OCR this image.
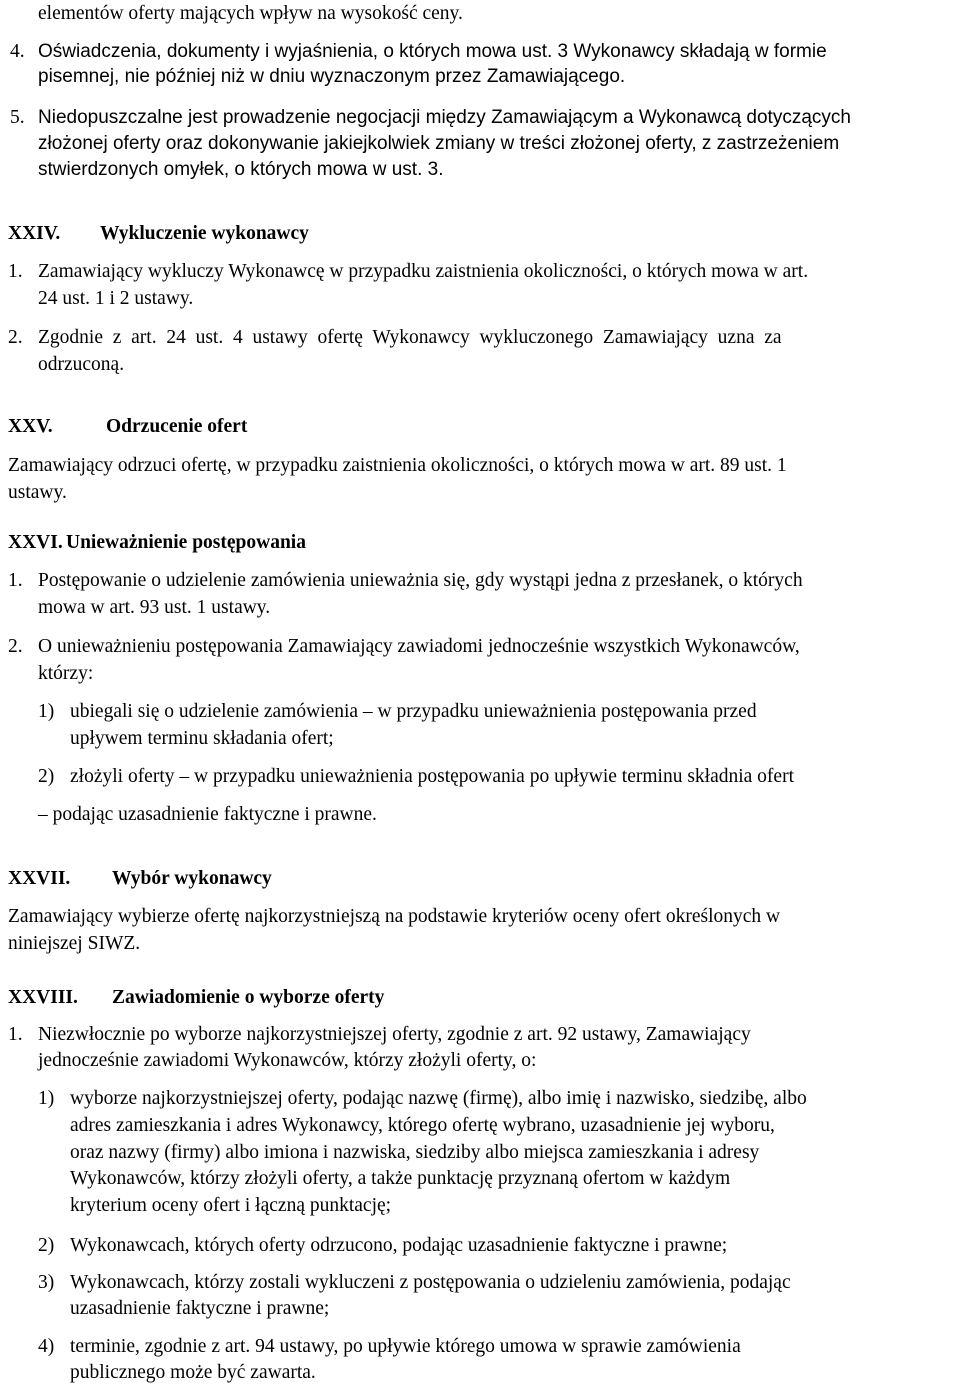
elementów oferty mających wpływ na wysokość ceny.
4. Oświadczenia, dokumenty i wyjaśnienia, o których mowa ust. 3 Wykonawcy składają w formie
pisemnej, nie później niż w dniu wyznaczonym przez Zamawiającego.
5. Niedopuszczalne jest prowadzenie negocjacji między Zamawiającym a Wykonawcą dotyczących
złożonej oferty oraz dokonywanie jakiejkolwiek zmiany w treści złożonej oferty, z zastrzeżeniem
stwierdzonych omyłek, o których mowa w ust. 3.
XXIV. Wykluczenie wykonawcy
1. Zamawiający wykluczy Wykonawcę w przypadku zaistnienia okoliczności, o których mowa w art.
24 ust. 1 i 2 ustawy.
2. Zgodnie  z  art.  24  ust.  4  ustawy  ofertę  Wykonawcy  wykluczonego  Zamawiający  uzna  za
odrzuconą.
XXV.	Odrzucenie ofert
Zamawiający odrzuci ofertę, w przypadku zaistnienia okoliczności, o których mowa w art. 89 ust. 1
ustawy.
XXVI. Unieważnienie postępowania
1. Postępowanie o udzielenie zamówienia unieważnia się, gdy wystąpi jedna z przesłanek, o których
mowa w art. 93 ust. 1 ustawy.
2. O unieważnieniu postępowania Zamawiający zawiadomi jednocześnie wszystkich Wykonawców,
którzy:
1) ubiegali się o udzielenie zamówienia – w przypadku unieważnienia postępowania przed
upływem terminu składania ofert;
2) złożyli oferty – w przypadku unieważnienia postępowania po upływie terminu składnia ofert
– podając uzasadnienie faktyczne i prawne.
XXVII. Wybór wykonawcy
Zamawiający wybierze ofertę najkorzystniejszą na podstawie kryteriów oceny ofert określonych w
niniejszej SIWZ.
XXVIII. Zawiadomienie o wyborze oferty
1. Niezwłocznie po wyborze najkorzystniejszej oferty, zgodnie z art. 92 ustawy, Zamawiający
jednocześnie zawiadomi Wykonawców, którzy złożyli oferty, o:
1) wyborze najkorzystniejszej oferty, podając nazwę (firmę), albo imię i nazwisko, siedzibę, albo
adres zamieszkania i adres Wykonawcy, którego ofertę wybrano, uzasadnienie jej wyboru,
oraz nazwy (firmy) albo imiona i nazwiska, siedziby albo miejsca zamieszkania i adresy
Wykonawców, którzy złożyli oferty, a także punktację przyznaną ofertom w każdym
kryterium oceny ofert i łączną punktację;
2) Wykonawcach, których oferty odrzucono, podając uzasadnienie faktyczne i prawne;
3) Wykonawcach, którzy zostali wykluczeni z postępowania o udzieleniu zamówienia, podając
uzasadnienie faktyczne i prawne;
4) terminie, zgodnie z art. 94 ustawy, po upływie którego umowa w sprawie zamówienia
publicznego może być zawarta.
